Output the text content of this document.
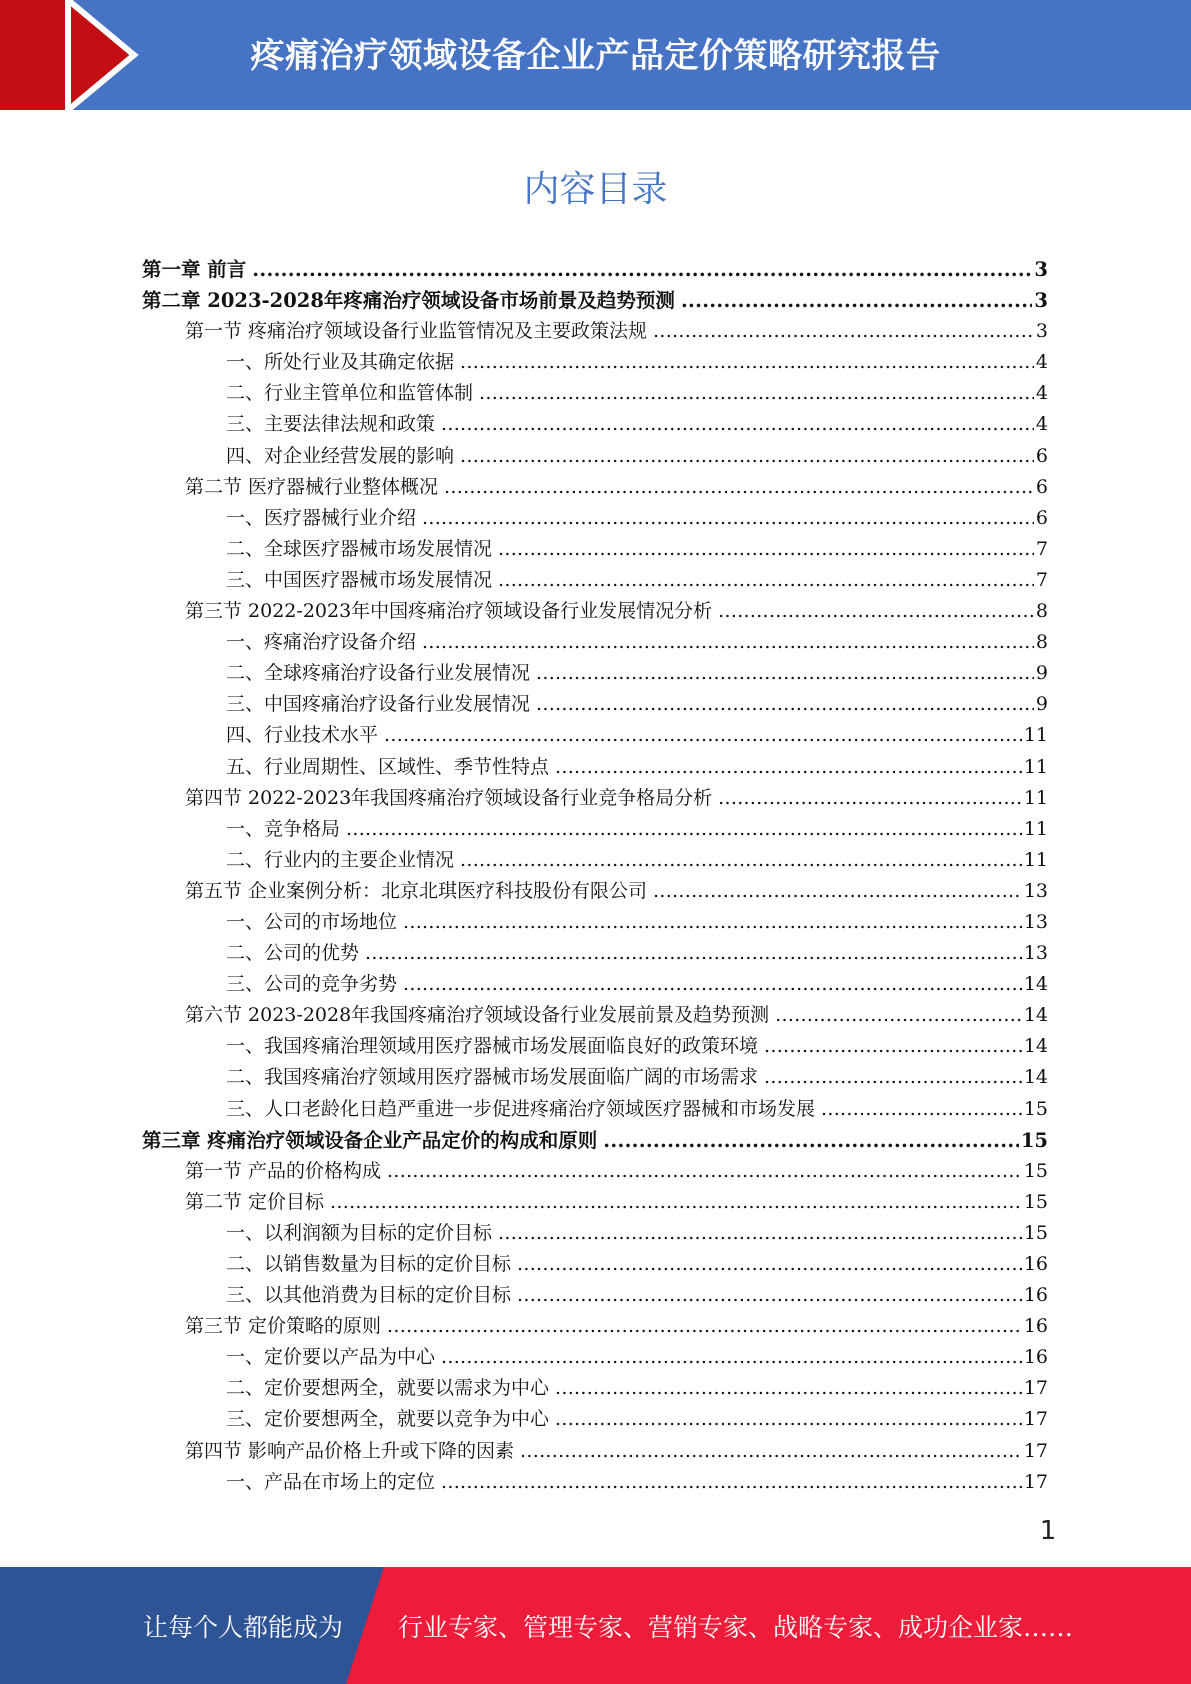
疼痛治疗领域设备企业产品定价策略研究报告
内容目录
第一章 前言 .....	3
第二章 2023-2028年疼痛治疗领域设备市场前景及趋势预测 .....	3
第一节 疼痛治疗领域设备行业监管情况及主要政策法规 .....	3
一、所处行业及其确定依据 .....	4
二、行业主管单位和监管体制 .....	4
三、主要法律法规和政策 .....	4
四、对企业经营发展的影响 .....	6
第二节 医疗器械行业整体概况 .....	6
一、医疗器械行业介绍 .....	6
二、全球医疗器械市场发展情况 .....	7
三、中国医疗器械市场发展情况 .....	7
第三节 2022-2023年中国疼痛治疗领域设备行业发展情况分析 .....	8
一、疼痛治疗设备介绍 .....	8
二、全球疼痛治疗设备行业发展情况 .....	9
三、中国疼痛治疗设备行业发展情况 .....	9
四、行业技术水平 .....	11
五、行业周期性、区域性、季节性特点 .....	11
第四节 2022-2023年我国疼痛治疗领域设备行业竞争格局分析 .....	11
一、竞争格局 .....	11
二、行业内的主要企业情况 .....	11
第五节 企业案例分析：北京北琪医疗科技股份有限公司 .....	13
一、公司的市场地位 .....	13
二、公司的优势 .....	13
三、公司的竞争劣势 .....	14
第六节 2023-2028年我国疼痛治疗领域设备行业发展前景及趋势预测 .....	14
一、我国疼痛治理领域用医疗器械市场发展面临良好的政策环境 .....	14
二、我国疼痛治疗领域用医疗器械市场发展面临广阔的市场需求 .....	14
三、人口老龄化日趋严重进一步促进疼痛治疗领域医疗器械和市场发展 .....	15
第三章 疼痛治疗领域设备企业产品定价的构成和原则 .....	15
第一节 产品的价格构成 .....	15
第二节 定价目标 .....	15
一、以利润额为目标的定价目标 .....	15
二、以销售数量为目标的定价目标 .....	16
三、以其他消费为目标的定价目标 .....	16
第三节 定价策略的原则 .....	16
一、定价要以产品为中心 .....	16
二、定价要想两全，就要以需求为中心 .....	17
三、定价要想两全，就要以竞争为中心 .....	17
第四节 影响产品价格上升或下降的因素 .....	17
一、产品在市场上的定位 .....	17
1
让每个人都能成为 行业专家、管理专家、营销专家、战略专家、成功企业家……
